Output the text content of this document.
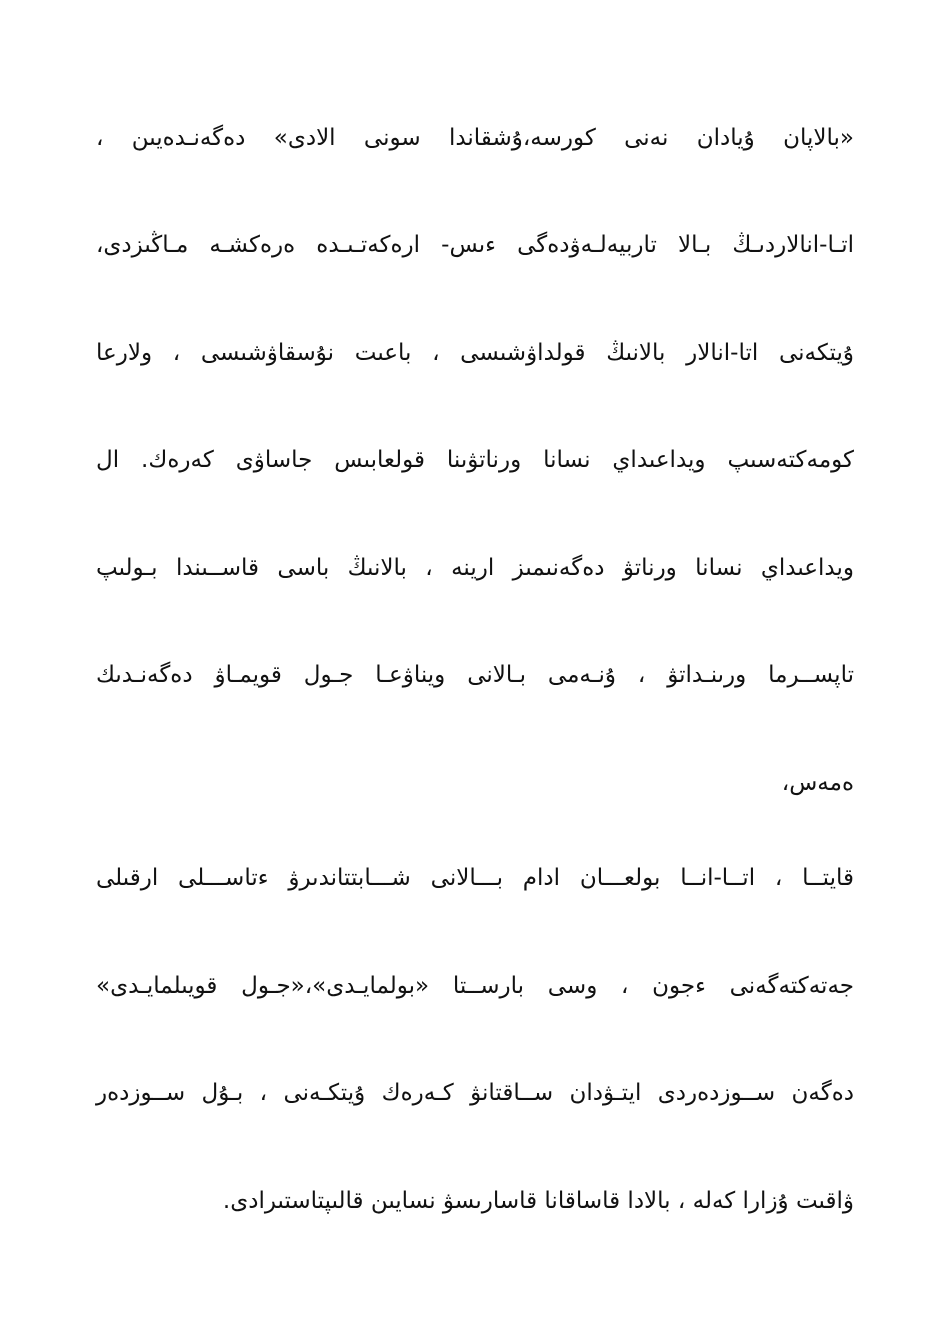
«بالاپان ۇيادان نەنى كورسە،ۇشقاندا سونى الادى» دەگەنـدەيىن ،
اتـا-انالاردىـڭ بـالا تاربيەلـەۋدەگى ءىس- ارەكەتـىـدە ەرەكشـە مـاڭىزدى،
ۇيتكەنى اتا-انالار بالانىڭ قولداۋشىسى ، باعىت نۇسقاۋشىسى ، ولارعا
كومەكتەسىپ ويداعىداي نسانا ورناتۋىنا قولعابىس جاساۋى كەرەك. ال
ويداعىداي نسانا ورناتۋ دەگەنىمىز ارينە ، بالانىڭ باسى قاســىندا بـولىپ
تاپســرما ورىنـداتۋ ، ۇنـەمى بـالانى ويناۋعـا جـول قويمـاۋ دەگەنـدىك
ەمەس،
قايتــا ، اتــا-انــا بولعـــان ادام بـــالانى شـــابتتاندىرۋ ءتاســـلى ارقىلى
جەتەكتەگەنى ءجون ، وسى بارســتا «بولمايـدى»،«جـول قويىلمايـدى»
دەگەن ســوزدەردى ايتـۋدان ســاقتانۋ كـەرەك ۇيتكـەنى ، بـۇل ســوزدەر
ۋاقىت ۇزارا كەلە ، بالادا قاساقانا قاسارىسۋ نسايىن قالىپتاستىرادى.
